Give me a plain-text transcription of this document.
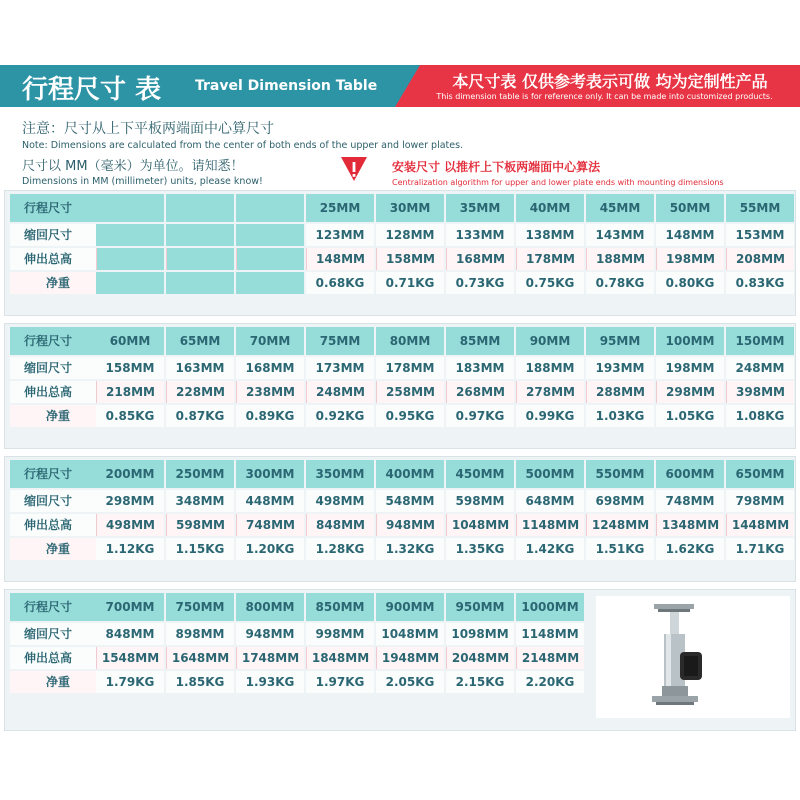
行程尺寸 表 Travel Dimension Table	本尺寸表 仅供参考表示可做 均为定制性产品
This dimension table is for reference only. It can be made into customized products.
注意：尺寸从上下平板两端面中心算尺寸
Note: Dimensions are calculated from the center of both ends of the upper and lower plates.
尺寸以 MM（毫米）为单位。请知悉！
Dimensions in MM (millimeter) units, please know!
安装尺寸 以推杆上下板两端面中心算法
Centralization algorithm for upper and lower plate ends with mounting dimensions
行程尺寸	25MM	30MM	35MM	40MM	45MM	50MM	55MM
缩回尺寸	123MM	128MM	133MM	138MM	143MM	148MM	153MM
伸出总高	148MM	158MM	168MM	178MM	188MM	198MM	208MM
净重	0.68KG	0.71KG	0.73KG	0.75KG	0.78KG	0.80KG	0.83KG
行程尺寸	60MM	65MM	70MM	75MM	80MM	85MM	90MM	95MM	100MM	150MM
缩回尺寸	158MM	163MM	168MM	173MM	178MM	183MM	188MM	193MM	198MM	248MM
伸出总高	218MM	228MM	238MM	248MM	258MM	268MM	278MM	288MM	298MM	398MM
净重	0.85KG	0.87KG	0.89KG	0.92KG	0.95KG	0.97KG	0.99KG	1.03KG	1.05KG	1.08KG
行程尺寸	200MM	250MM	300MM	350MM	400MM	450MM	500MM	550MM	600MM	650MM
缩回尺寸	298MM	348MM	448MM	498MM	548MM	598MM	648MM	698MM	748MM	798MM
伸出总高	498MM	598MM	748MM	848MM	948MM	1048MM	1148MM	1248MM	1348MM	1448MM
净重	1.12KG	1.15KG	1.20KG	1.28KG	1.32KG	1.35KG	1.42KG	1.51KG	1.62KG	1.71KG
行程尺寸	700MM	750MM	800MM	850MM	900MM	950MM	1000MM
缩回尺寸	848MM	898MM	948MM	998MM	1048MM	1098MM	1148MM
伸出总高	1548MM	1648MM	1748MM	1848MM	1948MM	2048MM	2148MM
净重	1.79KG	1.85KG	1.93KG	1.97KG	2.05KG	2.15KG	2.20KG
